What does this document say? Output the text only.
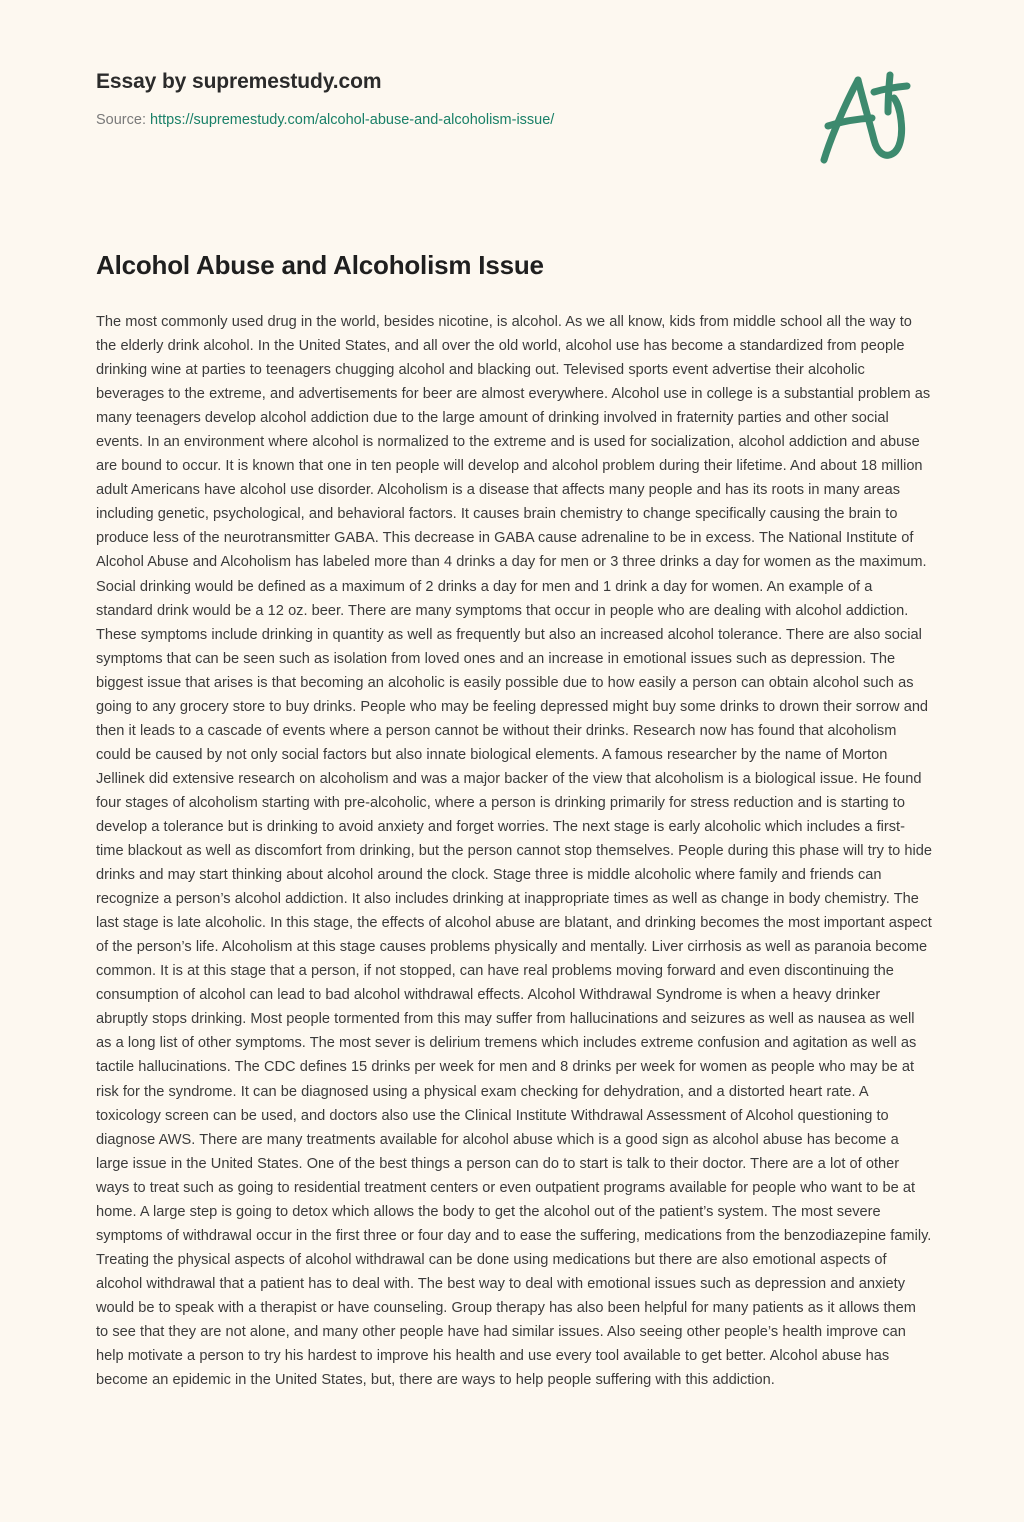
Essay by supremestudy.com
Source: https://supremestudy.com/alcohol-abuse-and-alcoholism-issue/
Alcohol Abuse and Alcoholism Issue

The most commonly used drug in the world, besides nicotine, is alcohol. As we all know, kids from middle school all the way to the elderly drink alcohol. In the United States, and all over the old world, alcohol use has become a standardized from people drinking wine at parties to teenagers chugging alcohol and blacking out. Televised sports event advertise their alcoholic beverages to the extreme, and advertisements for beer are almost everywhere. Alcohol use in college is a substantial problem as many teenagers develop alcohol addiction due to the large amount of drinking involved in fraternity parties and other social events. In an environment where alcohol is normalized to the extreme and is used for socialization, alcohol addiction and abuse are bound to occur. It is known that one in ten people will develop and alcohol problem during their lifetime. And about 18 million adult Americans have alcohol use disorder. Alcoholism is a disease that affects many people and has its roots in many areas including genetic, psychological, and behavioral factors. It causes brain chemistry to change specifically causing the brain to produce less of the neurotransmitter GABA. This decrease in GABA cause adrenaline to be in excess. The National Institute of Alcohol Abuse and Alcoholism has labeled more than 4 drinks a day for men or 3 three drinks a day for women as the maximum. Social drinking would be defined as a maximum of 2 drinks a day for men and 1 drink a day for women. An example of a standard drink would be a 12 oz. beer. There are many symptoms that occur in people who are dealing with alcohol addiction. These symptoms include drinking in quantity as well as frequently but also an increased alcohol tolerance. There are also social symptoms that can be seen such as isolation from loved ones and an increase in emotional issues such as depression. The biggest issue that arises is that becoming an alcoholic is easily possible due to how easily a person can obtain alcohol such as going to any grocery store to buy drinks. People who may be feeling depressed might buy some drinks to drown their sorrow and then it leads to a cascade of events where a person cannot be without their drinks. Research now has found that alcoholism could be caused by not only social factors but also innate biological elements. A famous researcher by the name of Morton Jellinek did extensive research on alcoholism and was a major backer of the view that alcoholism is a biological issue. He found four stages of alcoholism starting with pre-alcoholic, where a person is drinking primarily for stress reduction and is starting to develop a tolerance but is drinking to avoid anxiety and forget worries. The next stage is early alcoholic which includes a first-time blackout as well as discomfort from drinking, but the person cannot stop themselves. People during this phase will try to hide drinks and may start thinking about alcohol around the clock. Stage three is middle alcoholic where family and friends can recognize a person’s alcohol addiction. It also includes drinking at inappropriate times as well as change in body chemistry. The last stage is late alcoholic. In this stage, the effects of alcohol abuse are blatant, and drinking becomes the most important aspect of the person’s life. Alcoholism at this stage causes problems physically and mentally. Liver cirrhosis as well as paranoia become common. It is at this stage that a person, if not stopped, can have real problems moving forward and even discontinuing the consumption of alcohol can lead to bad alcohol withdrawal effects. Alcohol Withdrawal Syndrome is when a heavy drinker abruptly stops drinking. Most people tormented from this may suffer from hallucinations and seizures as well as nausea as well as a long list of other symptoms. The most sever is delirium tremens which includes extreme confusion and agitation as well as tactile hallucinations. The CDC defines 15 drinks per week for men and 8 drinks per week for women as people who may be at risk for the syndrome. It can be diagnosed using a physical exam checking for dehydration, and a distorted heart rate. A toxicology screen can be used, and doctors also use the Clinical Institute Withdrawal Assessment of Alcohol questioning to diagnose AWS. There are many treatments available for alcohol abuse which is a good sign as alcohol abuse has become a large issue in the United States. One of the best things a person can do to start is talk to their doctor. There are a lot of other ways to treat such as going to residential treatment centers or even outpatient programs available for people who want to be at home. A large step is going to detox which allows the body to get the alcohol out of the patient’s system. The most severe symptoms of withdrawal occur in the first three or four day and to ease the suffering, medications from the benzodiazepine family. Treating the physical aspects of alcohol withdrawal can be done using medications but there are also emotional aspects of alcohol withdrawal that a patient has to deal with. The best way to deal with emotional issues such as depression and anxiety would be to speak with a therapist or have counseling. Group therapy has also been helpful for many patients as it allows them to see that they are not alone, and many other people have had similar issues. Also seeing other people’s health improve can help motivate a person to try his hardest to improve his health and use every tool available to get better. Alcohol abuse has become an epidemic in the United States, but, there are ways to help people suffering with this addiction.
